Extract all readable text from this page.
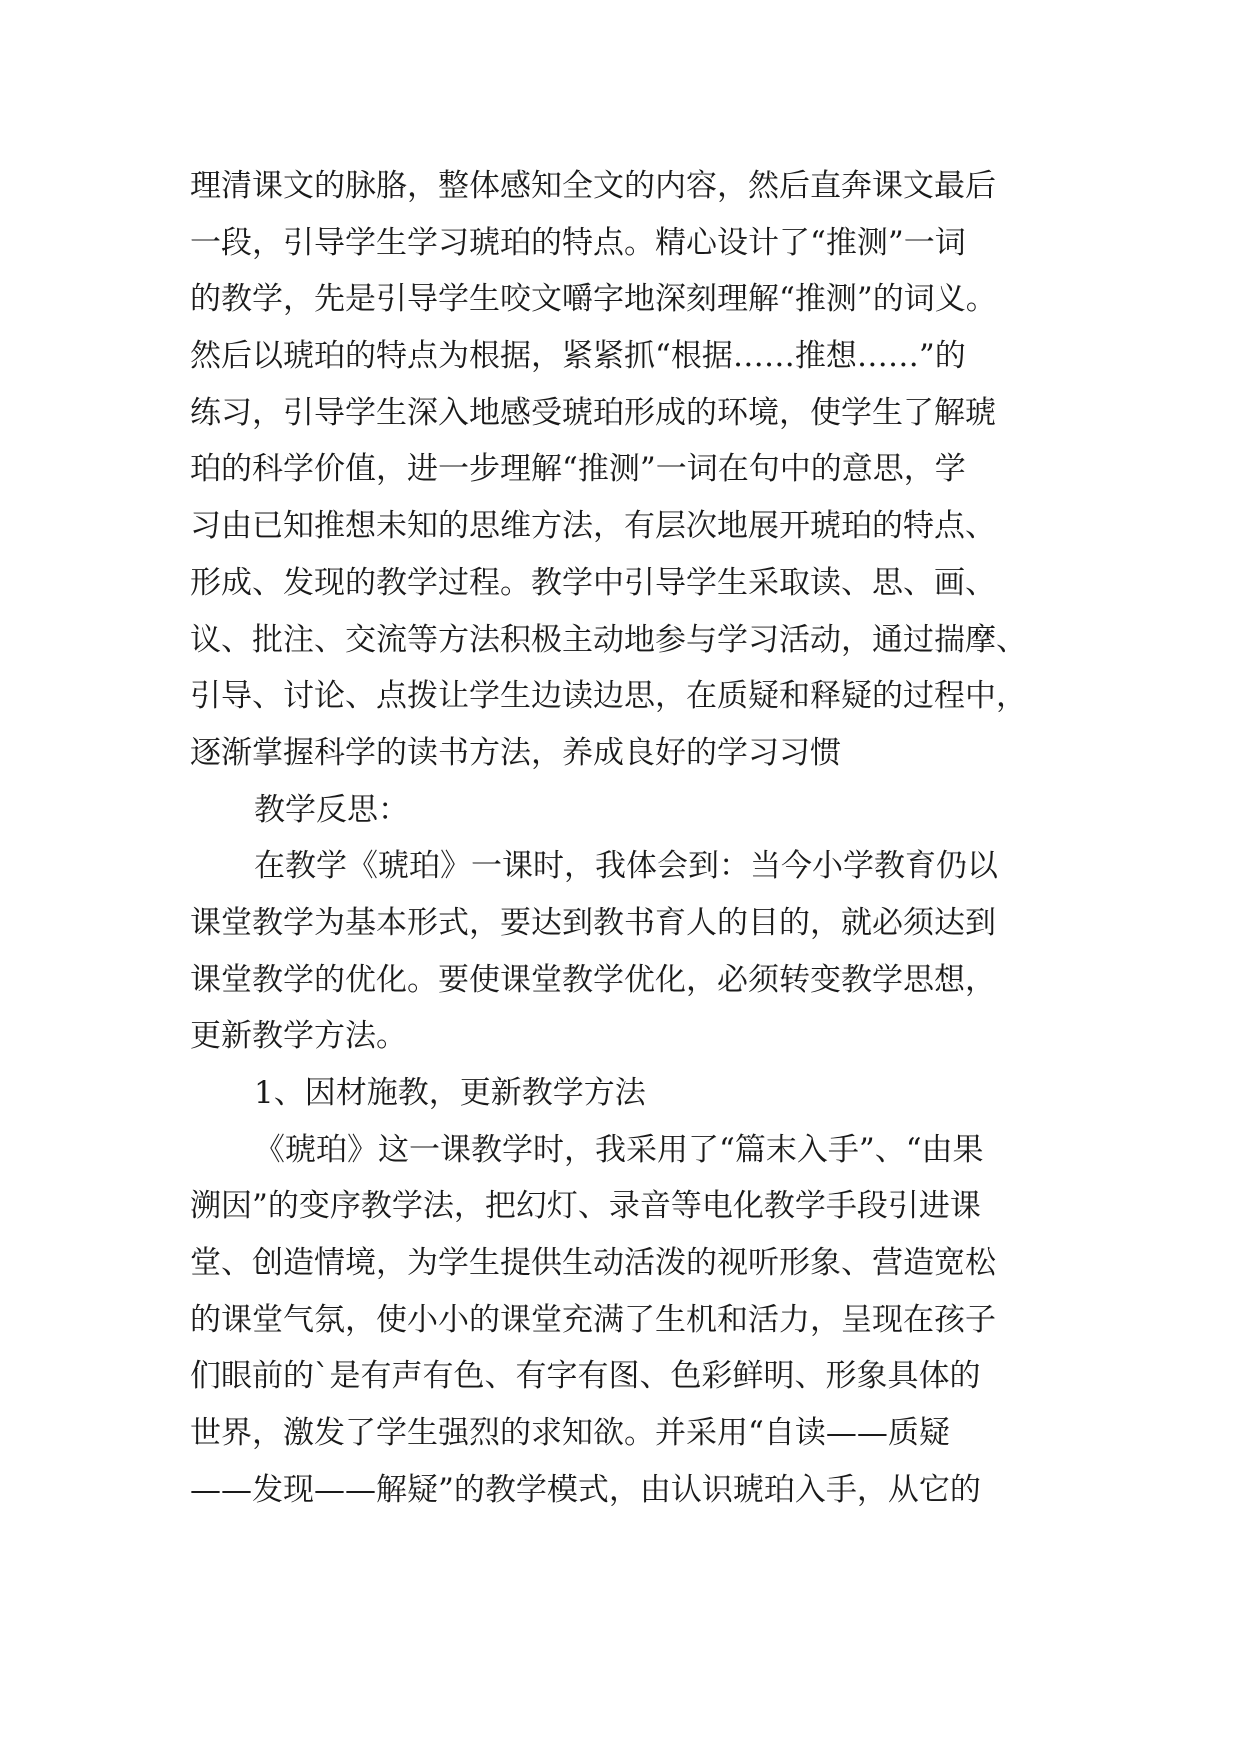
理清课文的脉胳，整体感知全文的内容，然后直奔课文最后
一段，引导学生学习琥珀的特点。精心设计了“推测”一词
的教学，先是引导学生咬文嚼字地深刻理解“推测”的词义。
然后以琥珀的特点为根据，紧紧抓“根据……推想……”的
练习，引导学生深入地感受琥珀形成的环境，使学生了解琥
珀的科学价值，进一步理解“推测”一词在句中的意思，学
习由已知推想未知的思维方法，有层次地展开琥珀的特点、
形成、发现的教学过程。教学中引导学生采取读、思、画、
议、批注、交流等方法积极主动地参与学习活动，通过揣摩、
引导、讨论、点拨让学生边读边思，在质疑和释疑的过程中，
逐渐掌握科学的读书方法，养成良好的学习习惯
教学反思：
在教学《琥珀》一课时，我体会到：当今小学教育仍以
课堂教学为基本形式，要达到教书育人的目的，就必须达到
课堂教学的优化。要使课堂教学优化，必须转变教学思想，
更新教学方法。
1、因材施教，更新教学方法
《琥珀》这一课教学时，我采用了“篇末入手”、“由果
溯因”的变序教学法，把幻灯、录音等电化教学手段引进课
堂、创造情境，为学生提供生动活泼的视听形象、营造宽松
的课堂气氛，使小小的课堂充满了生机和活力，呈现在孩子
们眼前的`是有声有色、有字有图、色彩鲜明、形象具体的
世界，激发了学生强烈的求知欲。并采用“自读——质疑
——发现——解疑”的教学模式，由认识琥珀入手，从它的
